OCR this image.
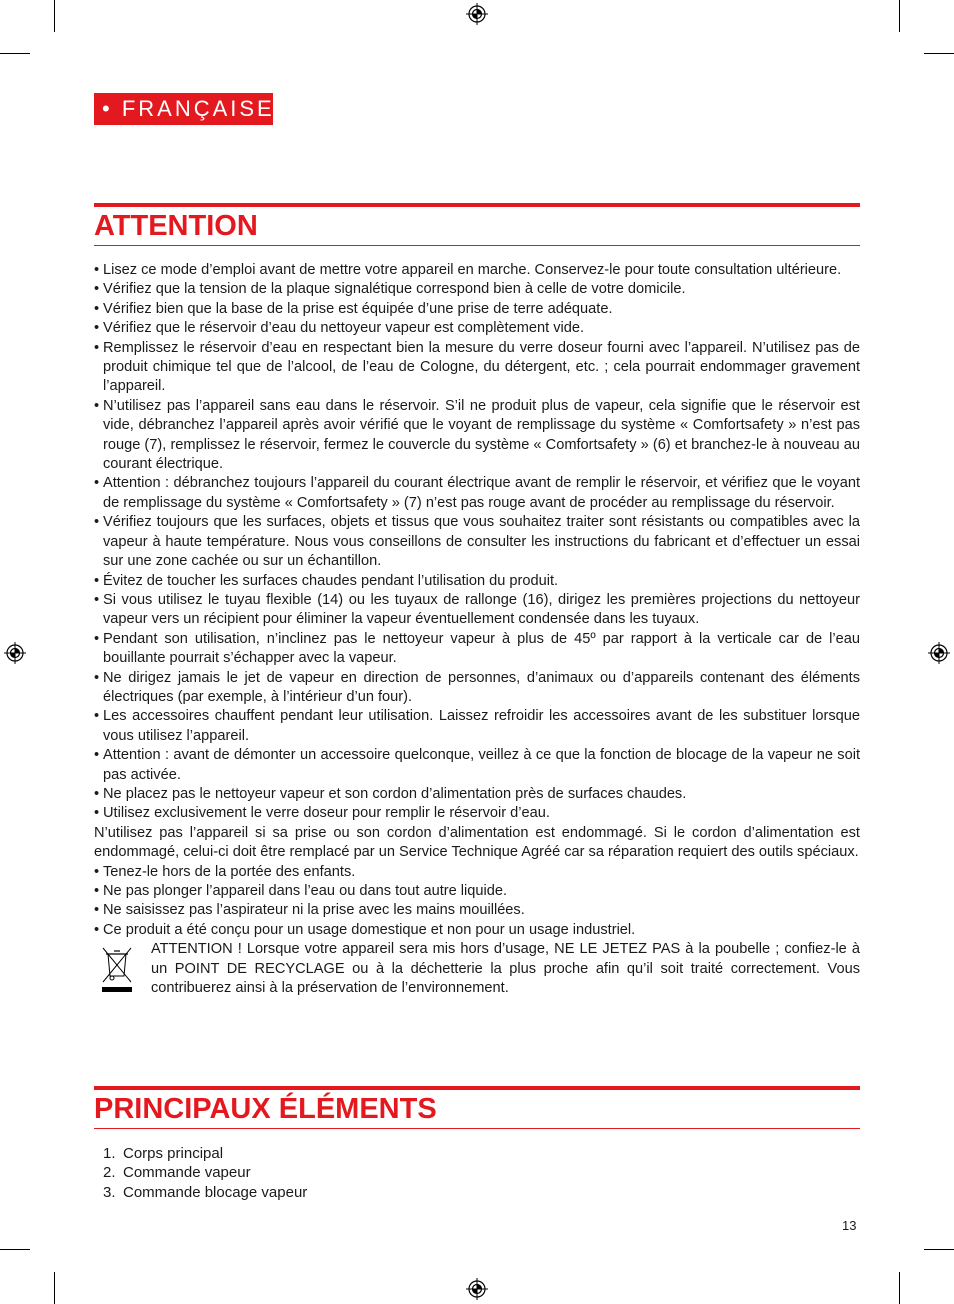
• FRANÇAISE
ATTENTION
• Lisez ce mode d’emploi avant de mettre votre appareil en marche. Conservez-le pour toute consultation ultérieure.
• Vérifiez que la tension de la plaque signalétique correspond bien à celle de votre domicile.
• Vérifiez bien que la base de la prise est équipée d’une prise de terre adéquate.
• Vérifiez que le réservoir d’eau du nettoyeur vapeur est complètement vide.
• Remplissez le réservoir d’eau en respectant bien la mesure du verre doseur fourni avec l’appareil. N’utilisez pas de produit chimique tel que de l’alcool, de l’eau de Cologne, du détergent, etc. ; cela pourrait endommager gravement l’appareil.
• N’utilisez pas l’appareil sans eau dans le réservoir. S’il ne produit plus de vapeur, cela signifie que le réservoir est vide, débranchez l’appareil après avoir vérifié que le voyant de remplissage du système « Comfortsafety » n’est pas rouge (7), remplissez le réservoir, fermez le couvercle du système « Comfortsafety » (6) et branchez-le à nouveau au courant électrique.
• Attention : débranchez toujours l’appareil du courant électrique avant de remplir le réservoir, et vérifiez que le voyant de remplissage du système « Comfortsafety » (7) n’est pas rouge avant de procéder au remplissage du réservoir.
• Vérifiez toujours que les surfaces, objets et tissus que vous souhaitez traiter sont résistants ou compatibles avec la vapeur à haute température. Nous vous conseillons de consulter les instructions du fabricant et d’effectuer un essai sur une zone cachée ou sur un échantillon.
• Évitez de toucher les surfaces chaudes pendant l’utilisation du produit.
• Si vous utilisez le tuyau flexible (14) ou les tuyaux de rallonge (16), dirigez les premières projections du nettoyeur vapeur vers un récipient pour éliminer la vapeur éventuellement condensée dans les tuyaux.
• Pendant son utilisation, n’inclinez pas le nettoyeur vapeur à plus de 45º par rapport à la verticale car de l’eau bouillante pourrait s’échapper avec la vapeur.
• Ne dirigez jamais le jet de vapeur en direction de personnes, d’animaux ou d’appareils contenant des éléments électriques (par exemple, à l’intérieur d’un four).
• Les accessoires chauffent pendant leur utilisation. Laissez refroidir les accessoires avant de les substituer lorsque vous utilisez l’appareil.
• Attention : avant de démonter un accessoire quelconque, veillez à ce que la fonction de blocage de la vapeur ne soit pas activée.
• Ne placez pas le nettoyeur vapeur et son cordon d’alimentation près de surfaces chaudes.
• Utilisez exclusivement le verre doseur pour remplir le réservoir d’eau.
N’utilisez pas l’appareil si sa prise ou son cordon d’alimentation est endommagé. Si le cordon d’alimentation est endommagé, celui-ci doit être remplacé par un Service Technique Agréé car sa réparation requiert des outils spéciaux.
• Tenez-le hors de la portée des enfants.
• Ne pas plonger l’appareil dans l’eau ou dans tout autre liquide.
• Ne saisissez pas l’aspirateur ni la prise avec les mains mouillées.
• Ce produit a été conçu pour un usage domestique et non pour un usage industriel.
ATTENTION ! Lorsque votre appareil sera mis hors d’usage, NE LE JETEZ PAS à la poubelle ; confiez-le à un POINT DE RECYCLAGE ou à la déchetterie la plus proche afin qu’il soit traité correctement. Vous contribuerez ainsi à la préservation de l’environnement.
PRINCIPAUX ÉLÉMENTS
1. Corps principal
2. Commande vapeur
3. Commande blocage vapeur
13
